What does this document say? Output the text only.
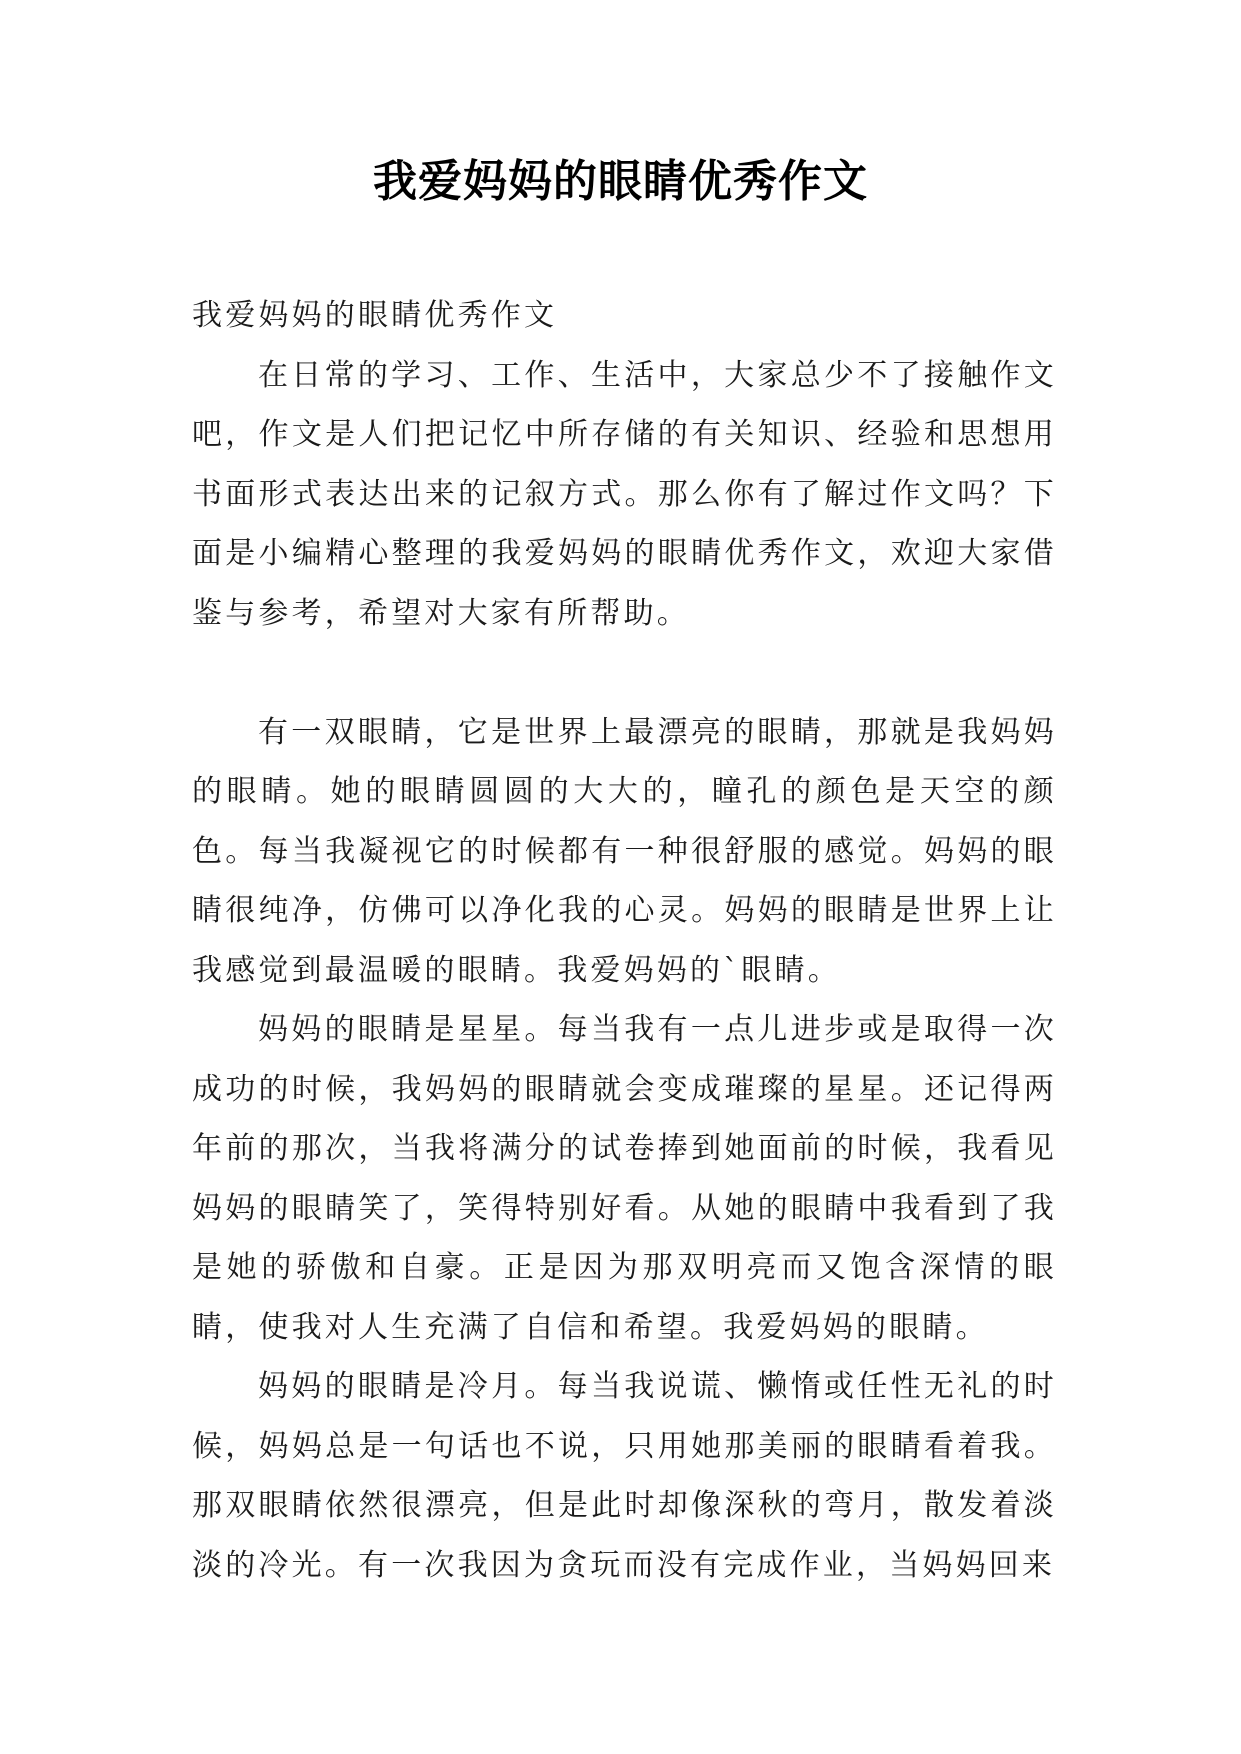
我爱妈妈的眼睛优秀作文

我爱妈妈的眼睛优秀作文

在日常的学习、工作、生活中，大家总少不了接触作文吧，作文是人们把记忆中所存储的有关知识、经验和思想用书面形式表达出来的记叙方式。那么你有了解过作文吗？下面是小编精心整理的我爱妈妈的眼睛优秀作文，欢迎大家借鉴与参考，希望对大家有所帮助。

有一双眼睛，它是世界上最漂亮的眼睛，那就是我妈妈的眼睛。她的眼睛圆圆的大大的，瞳孔的颜色是天空的颜色。每当我凝视它的时候都有一种很舒服的感觉。妈妈的眼睛很纯净，仿佛可以净化我的心灵。妈妈的眼睛是世界上让我感觉到最温暖的眼睛。我爱妈妈的`眼睛。

妈妈的眼睛是星星。每当我有一点儿进步或是取得一次成功的时候，我妈妈的眼睛就会变成璀璨的星星。还记得两年前的那次，当我将满分的试卷捧到她面前的时候，我看见妈妈的眼睛笑了，笑得特别好看。从她的眼睛中我看到了我是她的骄傲和自豪。正是因为那双明亮而又饱含深情的眼睛，使我对人生充满了自信和希望。我爱妈妈的眼睛。

妈妈的眼睛是冷月。每当我说谎、懒惰或任性无礼的时候，妈妈总是一句话也不说，只用她那美丽的眼睛看着我。那双眼睛依然很漂亮，但是此时却像深秋的弯月，散发着淡淡的冷光。有一次我因为贪玩而没有完成作业，当妈妈回来
